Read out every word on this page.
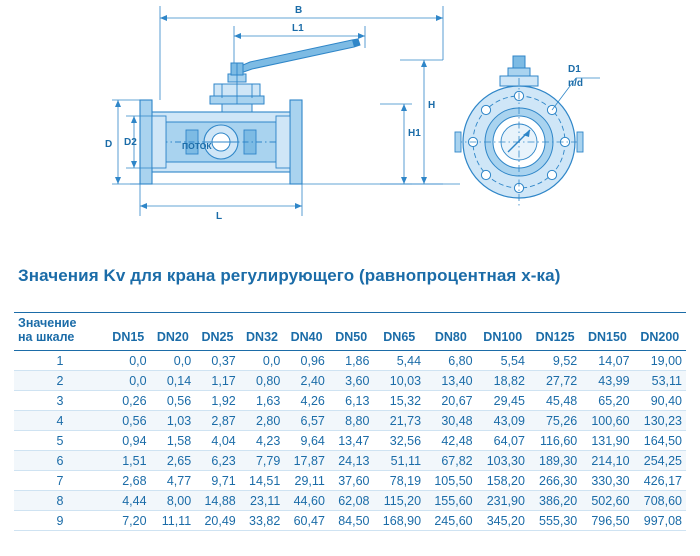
B
L1
ПОТОК
D D2
L
H
H1
D1
n/d
Значения Kv для крана регулирующего (равнопроцентная х-ка)
Значение
на шкале	DN15	DN20	DN25	DN32	DN40	DN50	DN65	DN80	DN100	DN125	DN150	DN200
1	0,0	0,0	0,37	0,0	0,96	1,86	5,44	6,80	5,54	9,52	14,07	19,00
2	0,0	0,14	1,17	0,80	2,40	3,60	10,03	13,40	18,82	27,72	43,99	53,11
3	0,26	0,56	1,92	1,63	4,26	6,13	15,32	20,67	29,45	45,48	65,20	90,40
4	0,56	1,03	2,87	2,80	6,57	8,80	21,73	30,48	43,09	75,26	100,60	130,23
5	0,94	1,58	4,04	4,23	9,64	13,47	32,56	42,48	64,07	116,60	131,90	164,50
6	1,51	2,65	6,23	7,79	17,87	24,13	51,11	67,82	103,30	189,30	214,10	254,25
7	2,68	4,77	9,71	14,51	29,11	37,60	78,19	105,50	158,20	266,30	330,30	426,17
8	4,44	8,00	14,88	23,11	44,60	62,08	115,20	155,60	231,90	386,20	502,60	708,60
9	7,20	11,11	20,49	33,82	60,47	84,50	168,90	245,60	345,20	555,30	796,50	997,08
